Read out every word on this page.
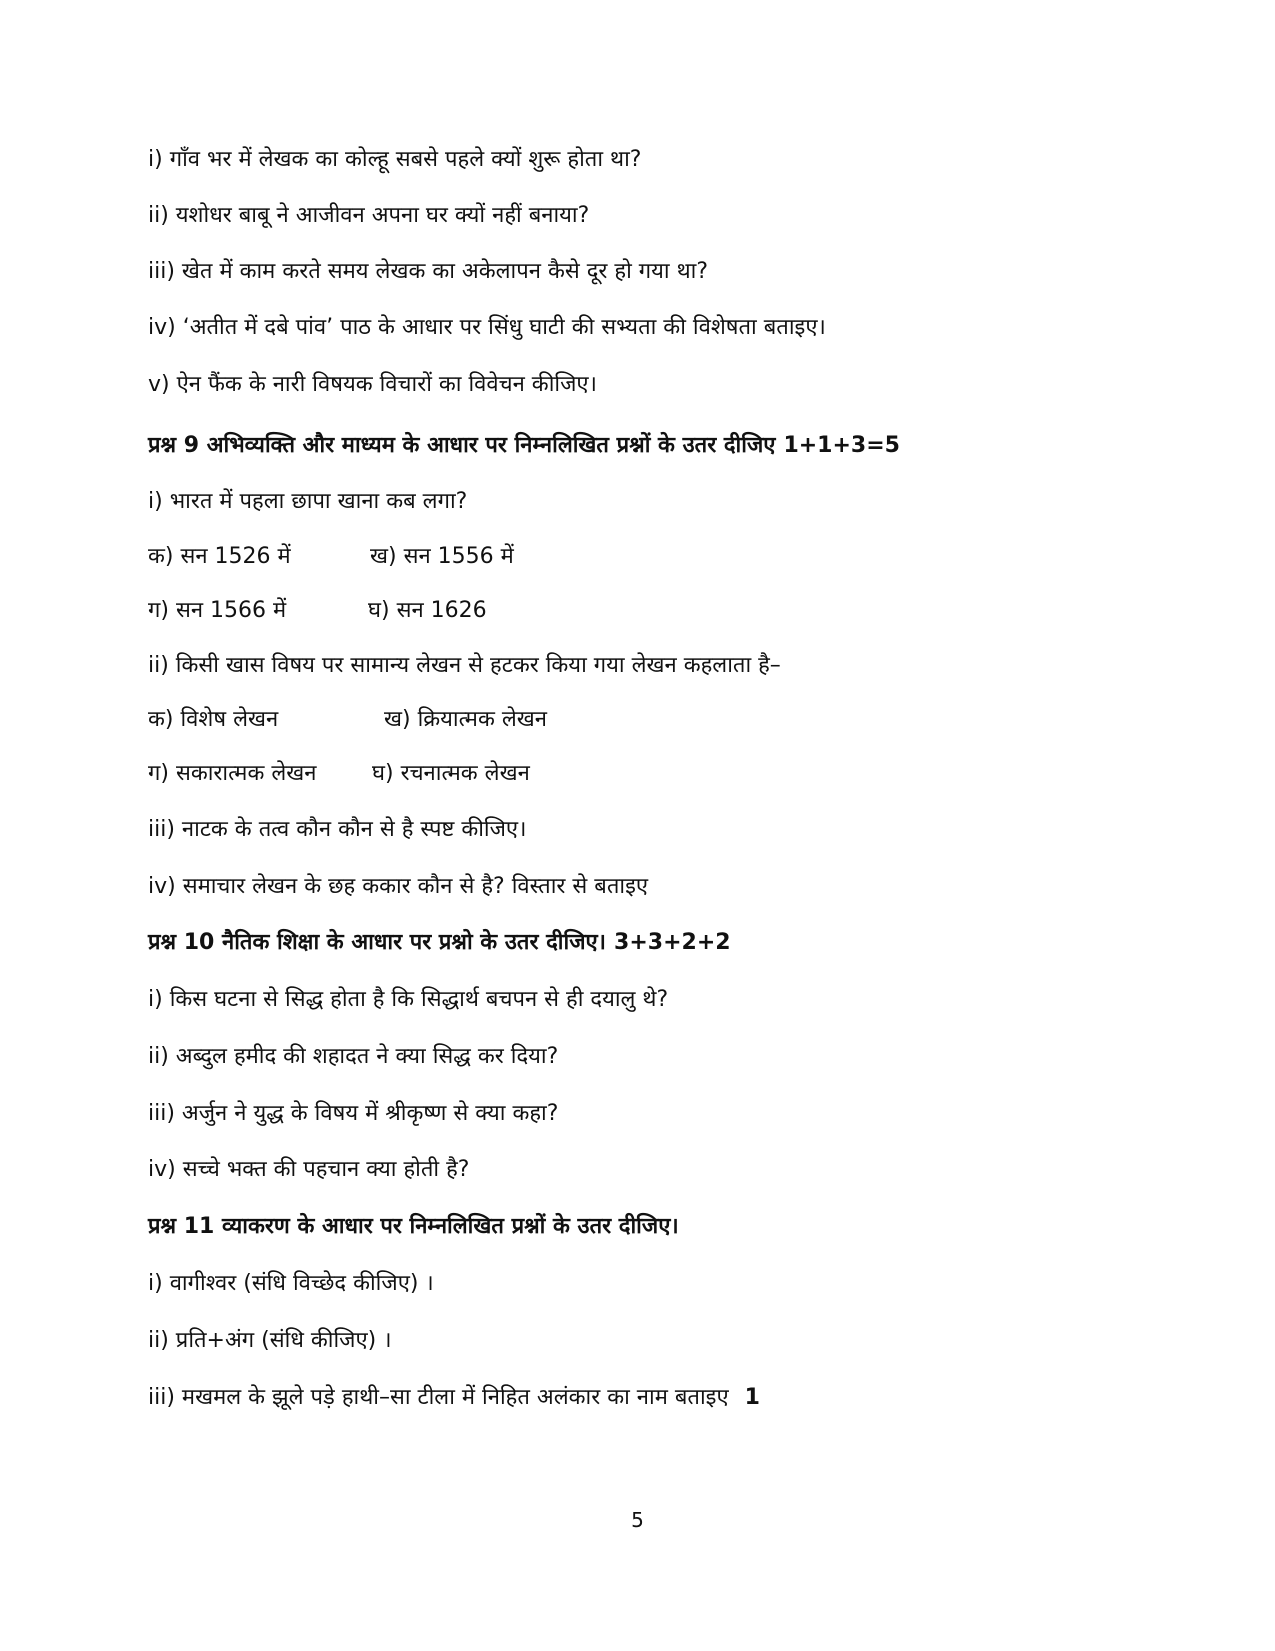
i) गाँव भर में लेखक का कोल्हू सबसे पहले क्यों शुरू होता था?
ii) यशोधर बाबू ने आजीवन अपना घर क्यों नहीं बनाया?
iii) खेत में काम करते समय लेखक का अकेलापन कैसे दूर हो गया था?
iv) ‘अतीत में दबे पांव’ पाठ के आधार पर सिंधु घाटी की सभ्यता की विशेषता बताइए।
v) ऐन फैंक के नारी विषयक विचारों का विवेचन कीजिए।
प्रश्न 9 अभिव्यक्ति और माध्यम के आधार पर निम्नलिखित प्रश्नों के उतर दीजिए 1+1+3=5
i) भारत में पहला छापा खाना कब लगा?
क) सन 1526 में	ख) सन 1556 में
ग) सन 1566 में	घ) सन 1626
ii) किसी खास विषय पर सामान्य लेखन से हटकर किया गया लेखन कहलाता है–
क) विशेष लेखन	ख) क्रियात्मक लेखन
ग) सकारात्मक लेखन	घ) रचनात्मक लेखन
iii) नाटक के तत्व कौन कौन से है स्पष्ट कीजिए।
iv) समाचार लेखन के छह ककार कौन से है? विस्तार से बताइए
प्रश्न 10 नैतिक शिक्षा के आधार पर प्रश्नो के उतर दीजिए। 3+3+2+2
i) किस घटना से सिद्ध होता है कि सिद्धार्थ बचपन से ही दयालु थे?
ii) अब्दुल हमीद की शहादत ने क्या सिद्ध कर दिया?
iii) अर्जुन ने युद्ध के विषय में श्रीकृष्ण से क्या कहा?
iv) सच्चे भक्त की पहचान क्या होती है?
प्रश्न 11 व्याकरण के आधार पर निम्नलिखित प्रश्नों के उतर दीजिए।
i) वागीश्वर (संधि विच्छेद कीजिए) ।
ii) प्रति+अंग (संधि कीजिए) ।
iii) मखमल के झूले पड़े हाथी–सा टीला में निहित अलंकार का नाम बताइए 1
5
